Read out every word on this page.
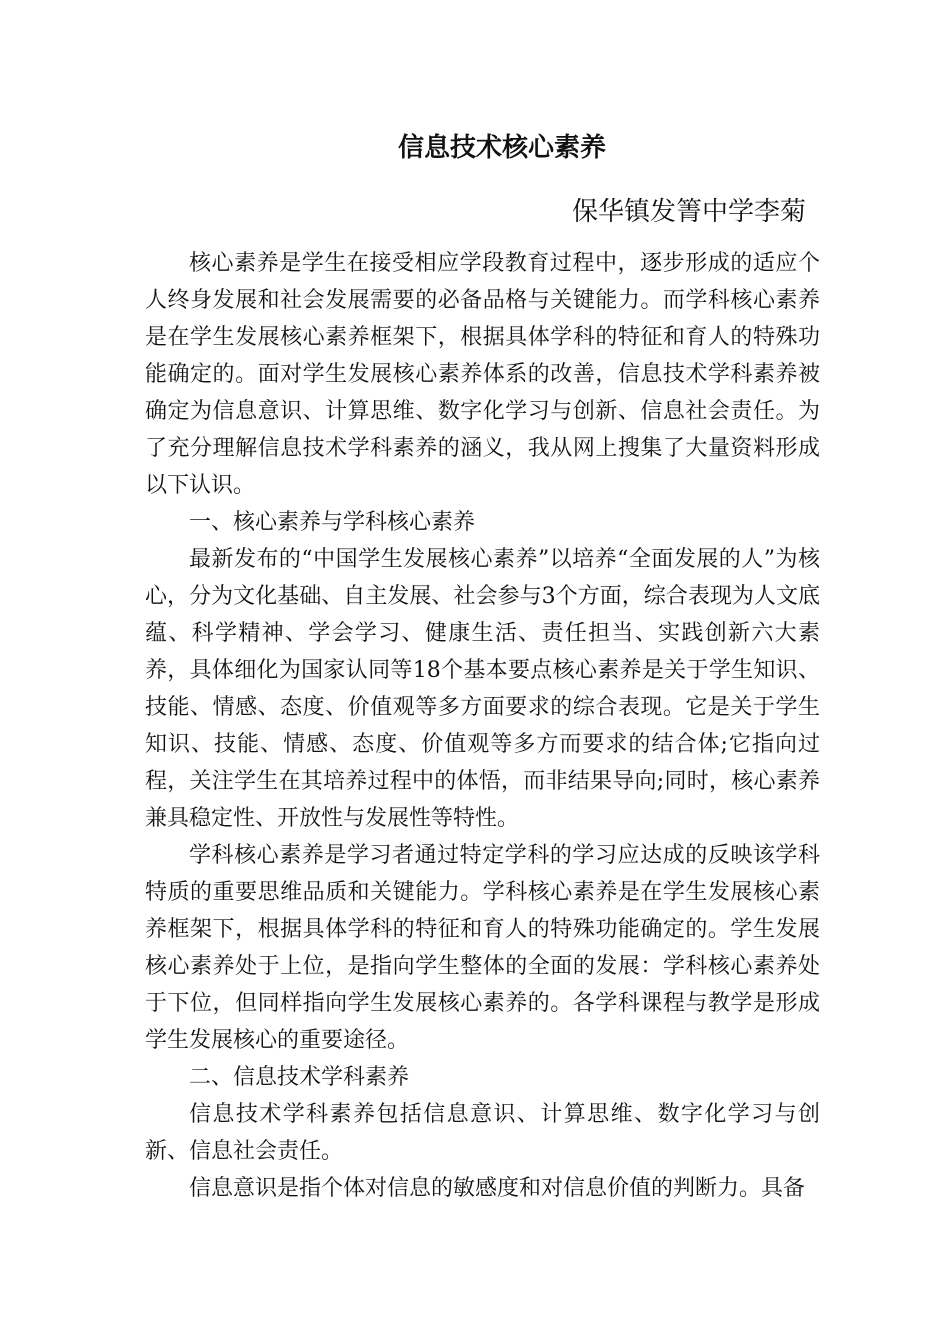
信息技术核心素养
保华镇发箐中学李菊

核心素养是学生在接受相应学段教育过程中，逐步形成的适应个人终身发展和社会发展需要的必备品格与关键能力。而学科核心素养是在学生发展核心素养框架下，根据具体学科的特征和育人的特殊功能确定的。面对学生发展核心素养体系的改善，信息技术学科素养被确定为信息意识、计算思维、数字化学习与创新、信息社会责任。为了充分理解信息技术学科素养的涵义，我从网上搜集了大量资料形成以下认识。

一、核心素养与学科核心素养

最新发布的“中国学生发展核心素养”以培养“全面发展的人”为核心，分为文化基础、自主发展、社会参与3个方面，综合表现为人文底蕴、科学精神、学会学习、健康生活、责任担当、实践创新六大素养，具体细化为国家认同等18个基本要点核心素养是关于学生知识、技能、情感、态度、价值观等多方面要求的综合表现。它是关于学生知识、技能、情感、态度、价值观等多方而要求的结合体;它指向过程，关注学生在其培养过程中的体悟，而非结果导向;同时，核心素养兼具稳定性、开放性与发展性等特性。

学科核心素养是学习者通过特定学科的学习应达成的反映该学科特质的重要思维品质和关键能力。学科核心素养是在学生发展核心素养框架下，根据具体学科的特征和育人的特殊功能确定的。学生发展核心素养处于上位，是指向学生整体的全面的发展：学科核心素养处于下位，但同样指向学生发展核心素养的。各学科课程与教学是形成学生发展核心的重要途径。

二、信息技术学科素养

信息技术学科素养包括信息意识、计算思维、数字化学习与创新、信息社会责任。

信息意识是指个体对信息的敏感度和对信息价值的判断力。具备
